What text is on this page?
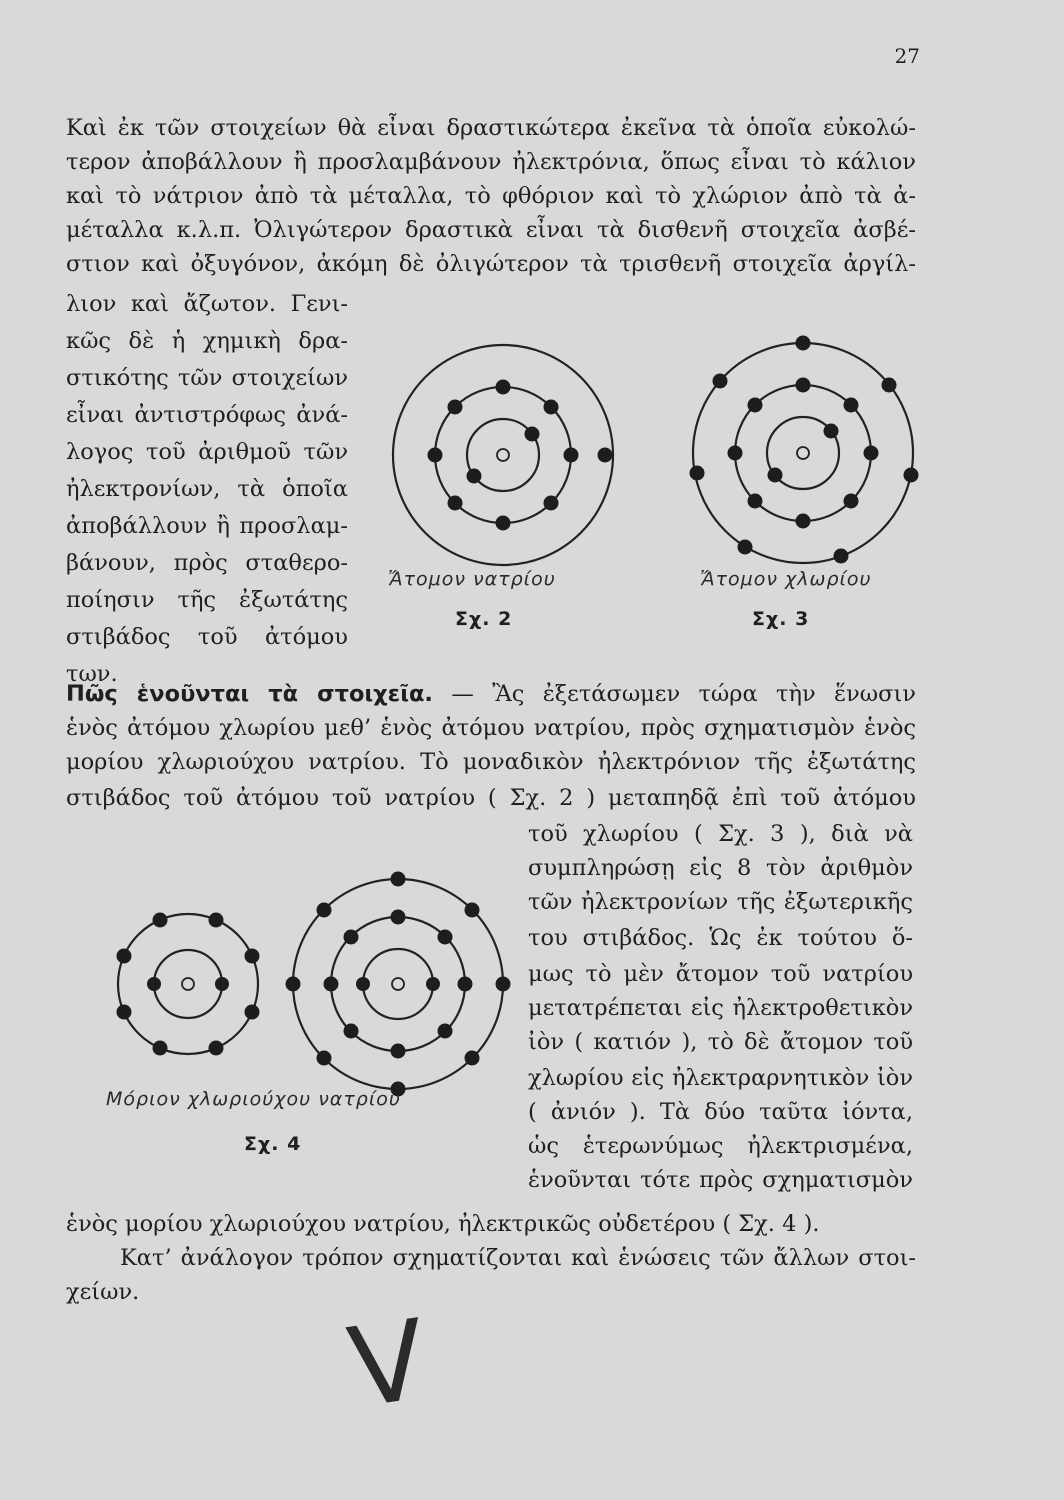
27
Καὶ ἐκ τῶν στοιχείων θὰ εἶναι δραστικώτερα ἐκεῖνα τὰ ὁποῖα εὐκολώ-
τερον ἀποβάλλουν ἢ προσλαμβάνουν ἠλεκτρόνια, ὅπως εἶναι τὸ κάλιον
καὶ τὸ νάτριον ἀπὸ τὰ μέταλλα, τὸ φθόριον καὶ τὸ χλώριον ἀπὸ τὰ ἀ-
μέταλλα κ.λ.π. Ὀλιγώτερον δραστικὰ εἶναι τὰ δισθενῆ στοιχεῖα ἀσβέ-
στιον καὶ ὀξυγόνον, ἀκόμη δὲ ὀλιγώτερον τὰ τρισθενῆ στοιχεῖα ἀργίλ-
λιον καὶ ἄζωτον. Γενι-
κῶς δὲ ἡ χημικὴ δρα-
στικότης τῶν στοιχείων
εἶναι ἀντιστρόφως ἀνά-
λογος τοῦ ἀριθμοῦ τῶν
ἠλεκτρονίων, τὰ ὁποῖα
ἀποβάλλουν ἢ προσλαμ-
βάνουν, πρὸς σταθερο-
ποίησιν τῆς ἐξωτάτης
στιβάδος τοῦ ἀτόμου
των.
Ἄτομον νατρίου
Σχ. 2
Ἄτομον χλωρίου
Σχ. 3
Πῶς ἑνοῦνται τὰ στοιχεῖα. — Ἂς ἐξετάσωμεν τώρα τὴν ἕνωσιν
ἑνὸς ἀτόμου χλωρίου μεθ’ ἑνὸς ἀτόμου νατρίου, πρὸς σχηματισμὸν ἑνὸς
μορίου χλωριούχου νατρίου. Τὸ μοναδικὸν ἠλεκτρόνιον τῆς ἐξωτάτης
στιβάδος τοῦ ἀτόμου τοῦ νατρίου ( Σχ. 2 ) μεταπηδᾷ ἐπὶ τοῦ ἀτόμου
τοῦ χλωρίου ( Σχ. 3 ), διὰ νὰ
συμπληρώσῃ εἰς 8 τὸν ἀριθμὸν
τῶν ἠλεκτρονίων τῆς ἐξωτερικῆς
του στιβάδος. Ὡς ἐκ τούτου ὅ-
μως τὸ μὲν ἄτομον τοῦ νατρίου
μετατρέπεται εἰς ἠλεκτροθετικὸν
ἰὸν ( κατιόν ), τὸ δὲ ἄτομον τοῦ
χλωρίου εἰς ἠλεκτραρνητικὸν ἰὸν
( ἀνιόν ). Τὰ δύο ταῦτα ἰόντα,
ὡς ἑτερωνύμως ἠλεκτρισμένα,
ἑνοῦνται τότε πρὸς σχηματισμὸν
Μόριον χλωριούχου νατρίου
Σχ. 4
ἑνὸς μορίου χλωριούχου νατρίου, ἠλεκτρικῶς οὐδετέρου ( Σχ. 4 ).
Κατ’ ἀνάλογον τρόπον σχηματίζονται καὶ ἑνώσεις τῶν ἄλλων στοι-
χείων.
V
